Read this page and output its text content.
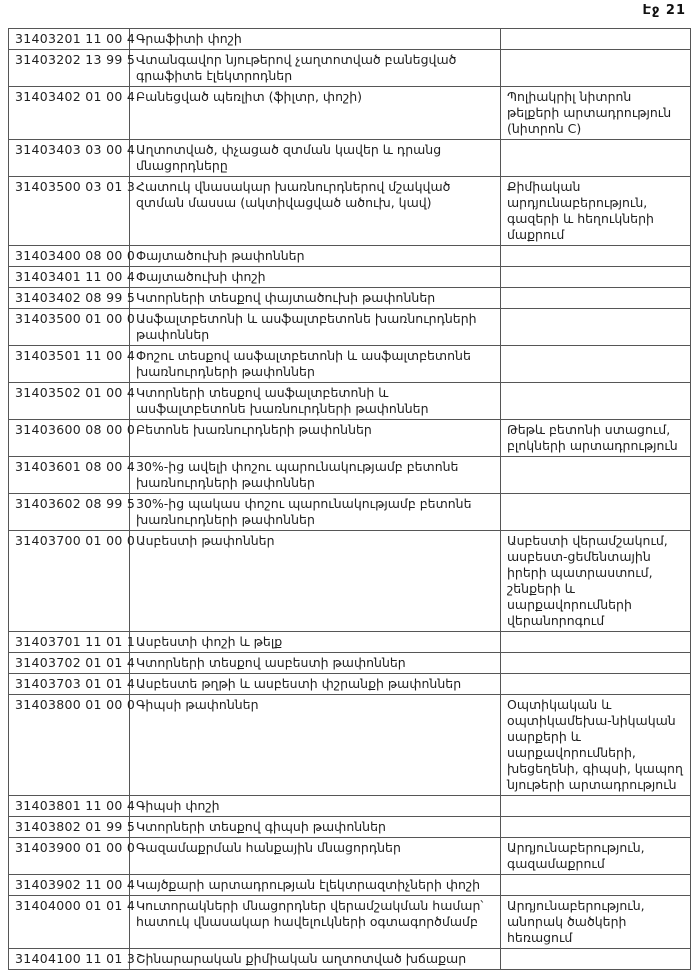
Էջ 21
31403201 11 00 4	Գրաֆիտի փոշի	
31403202 13 99 5	Վտանգավոր նյութերով չաղտոտված բանեցված գրաֆիտե էլեկտրոդներ	
31403402 01 00 4	Բանեցված պեռլիտ (ֆիլտր, փոշի)	Պոլիակրիլ նիտրոն թելքերի արտադրություն (նիտրոն C)
31403403 03 00 4	Աղտոտված, փչացած զտման կավեր և դրանց մնացորդները	
31403500 03 01 3	Հատուկ վնասակար խառնուրդներով մշակված զտման մասսա (ակտիվացված ածուխ, կավ)	Քիմիական արդյունաբերություն, գազերի և հեղուկների մաքրում
31403400 08 00 0	Փայտածուխի թափոններ	
31403401 11 00 4	Փայտածուխի փոշի	
31403402 08 99 5	Կտորների տեսքով փայտածուխի թափոններ	
31403500 01 00 0	Ասֆալտբետոնի և ասֆալտբետոնե խառնուրդների թափոններ	
31403501 11 00 4	Փոշու տեսքով ասֆալտբետոնի և ասֆալտբետոնե խառնուրդների թափոններ	
31403502 01 00 4	Կտորների տեսքով ասֆալտբետոնի և ասֆալտբետոնե խառնուրդների թափոններ	
31403600 08 00 0	Բետոնե խառնուրդների թափոններ	Թեթև բետոնի ստացում, բլոկների արտադրություն
31403601 08 00 4	30%-ից ավելի փոշու պարունակությամբ բետոնե խառնուրդների թափոններ	
31403602 08 99 5	30%-ից պակաս փոշու պարունակությամբ բետոնե խառնուրդների թափոններ	
31403700 01 00 0	Ասբեստի թափոններ	Ասբեստի վերամշակում, ասբեստ-ցեմենտային իրերի պատրաստում, շենքերի և սարքավորումների վերանորոգում
31403701 11 01 1	Ասբեստի փոշի և թելք	
31403702 01 01 4	Կտորների տեսքով ասբեստի թափոններ	
31403703 01 01 4	Ասբեստե թղթի և ասբեստի փշրանքի թափոններ	
31403800 01 00 0	Գիպսի թափոններ	Օպտիկական և օպտիկամեխա-նիկական սարքերի և սարքավորումների, խեցեղենի, գիպսի, կապող նյութերի արտադրություն
31403801 11 00 4	Գիպսի փոշի	
31403802 01 99 5	Կտորների տեսքով գիպսի թափոններ	
31403900 01 00 0	Գազամաքրման հանքային մնացորդներ	Արդյունաբերություն, գազամաքրում
31403902 11 00 4	Կայծքարի արտադրության էլեկտրազտիչների փոշի	
31404000 01 01 4	Կուտորակների մնացորդներ վերամշակման համար՝ հատուկ վնասակար հավելուկների օգտագործմամբ	Արդյունաբերություն, անորակ ծածկերի հեռացում
31404100 11 01 3	Շինարարական քիմիական աղտոտված խճաքար	
